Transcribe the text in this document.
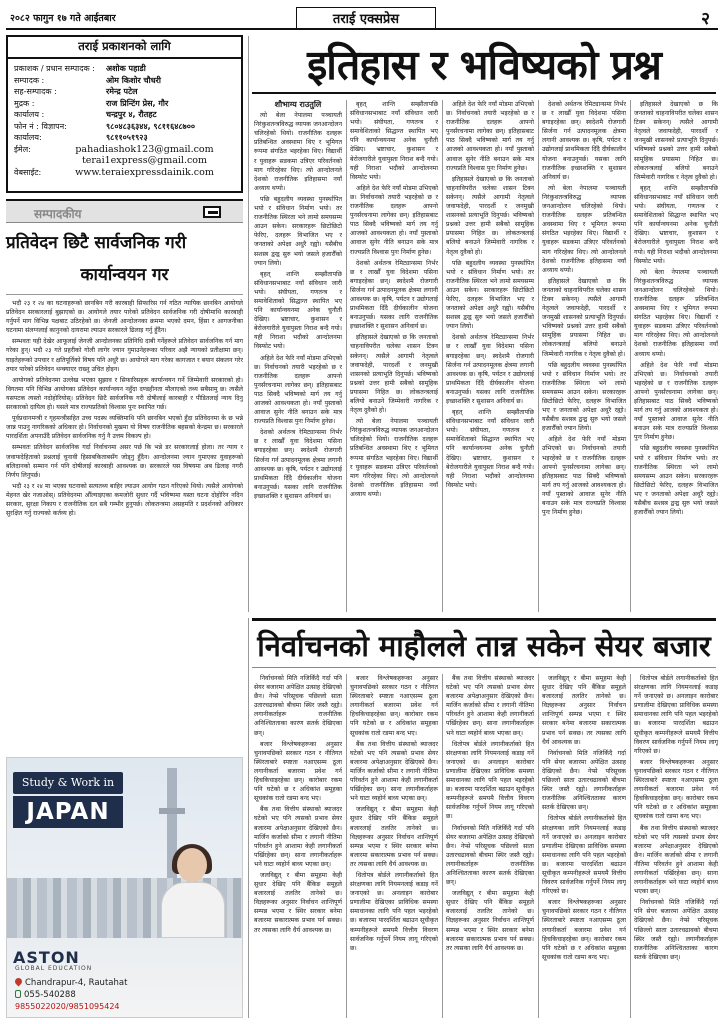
२०८२ फागुन १७ गते आईतबार	तराई एक्सप्रेस	२
तराई प्रकाशनको लागि
प्रकाशक / प्रधान सम्पादक :	अशोक पहाडी
सम्पादक :	ओम किशोर चौधरी
सह-सम्पादक :	रमेन्द्र पटेल
मुद्रक :	राज प्रिन्टिंग प्रेस, गौर
कार्यालय :	चन्द्रपुर ४, रौतहट
फोन नं : विज्ञापन:	९८०४८३६३४४, ९८११६४८७००
कार्यालय:	९८११०५१९२३
ईमेल:	pahadiashok123@gmail.com
terai1express@gmail.com
वेबसाईट:	www.teraiexpressdainik.com
सम्पादकीय
प्रतिवेदन छिटै सार्वजनिक गरी
कार्यान्वयन गर

भदौ २३ र २४ का घटनाहरूको छानबिन गरी कारबाही सिफारिस गर्न गठित न्यायिक छानबिन आयोगले प्रतिवेदन सरकारलाई बुझाएको छ। आयोगले तयार पारेको प्रतिवेदन सार्वजनिक गरी दोषीमाथि कारबाही गर्नुपर्ने माग विभिन्न पक्षबाट उठिरहेको छ। जेनजी आन्दोलनका क्रममा भएको दमन, हिंसा र आगजनीका घटनामा संलग्नलाई कानुनको दायरामा ल्याउन सरकारले ढिलाइ गर्नु हुँदैन।

सम्भवतः यही देखेर आफूलाई जेनजी आन्दोलनका प्रतिनिधि दाबी गर्नेहरूले प्रतिवेदन सार्वजनिक गर्न माग गरेका हुन्। भदौ २३ गते प्रहरीको गोली लागेर ज्यान गुमाउनेहरूका परिवार अझै न्यायको प्रतीक्षामा छन्। घाइतेहरूको उपचार र क्षतिपूर्तिको विषय पनि अधुरै छ। आयोगले माग गरेका कागजात र बयान संकलन गरेर तयार पारेको प्रतिवेदन थन्क्याएर राख्नु उचित होइन।

आयोगको प्रतिवेदनमा उल्लेख भएका सुझाव र सिफारिसहरू कार्यान्वयन गर्ने जिम्मेवारी सरकारको हो। विगतमा पनि विभिन्न आयोगका प्रतिवेदन कार्यान्वयन नहुँदा दण्डहीनता मौलाएको तथ्य सबैसामु छ। त्यसैले यसपटक त्यस्तो नदोहोरियोस्। प्रतिवेदन छिटै सार्वजनिक गरी दोषीलाई कारबाही र पीडितलाई न्याय दिनु सरकारको दायित्व हो। यसले मात्र राज्यप्रतिको विश्वास पुनः स्थापित गर्छ।

पूर्वप्रधानमन्त्री र गृहमन्त्रीसहित उच्च पदस्थ व्यक्तिमाथि पनि छानबिन भएको हुँदा प्रतिवेदनमा के छ भन्ने जान्न पाउनु नागरिकको अधिकार हो। निर्वाचनको मुखमा यो विषय राजनीतिक बहसको केन्द्रमा छ। सरकारले पारदर्शिता अपनाउँदै प्रतिवेदन सार्वजनिक गर्नु नै उत्तम विकल्प हो।

सम्भवतः प्रतिवेदन सार्वजनिक गर्दा निर्वाचनमा असर पर्छ कि भन्ने डर सरकारलाई होला। तर न्याय र जवाफदेहिताको प्रश्नलाई चुनावी हिसाबकिताबसँग जोड्नु हुँदैन। आन्दोलनमा ज्यान गुमाएका युवाहरूको बलिदानको सम्मान गर्न पनि दोषीलाई कारबाही आवश्यक छ। सरकारले यस विषयमा अब ढिलाइ नगरी निर्णय लिनुपर्छ।

भदौ २३ र २४ मा भएका घटनाको सत्यतथ्य बाहिर ल्याउन आयोग गठन गरिएको थियो। त्यसैले आयोगको मेहनत खेर नजाओस्। प्रतिवेदनमा औँल्याइएका कमजोरी सुधार गर्दै भविष्यमा यस्ता घटना दोहोरिन नदिन सरकार, सुरक्षा निकाय र राजनीतिक दल सबै गम्भीर हुनुपर्छ। लोकतन्त्रमा असहमति र प्रदर्शनको अधिकार सुरक्षित गर्नु राज्यको कर्तव्य हो।

Study & Work in
JAPAN
ASTON
GLOBAL EDUCATION
Chandrapur-4, Rautahat
055-540288
9855022020/9851095424
इतिहास र भविष्यको प्रश्न
शौभाग्य राउतुलि

त्यो बेला नेपालमा पञ्चायती निरंकुशतन्त्रविरुद्ध व्यापक जनआन्दोलन चलिरहेको थियो। राजनीतिक दलहरू प्रतिबन्धित अवस्थामा थिए र भूमिगत रूपमा संगठित भइरहेका थिए। विद्यार्थी र युवाहरू सडकमा उत्रिएर परिवर्तनको माग गरिरहेका थिए। त्यो आन्दोलनले देशको राजनीतिक इतिहासमा नयाँ अध्याय थप्यो।

पछि बहुदलीय व्यवस्था पुनर्स्थापित भयो र संविधान निर्माण भयो। तर राजनीतिक स्थिरता भने लामो समयसम्म आउन सकेन। सरकारहरू छिटोछिटो फेरिए, दलहरू विभाजित भए र जनताको अपेक्षा अधुरै रह्यो। यसैबीच सशस्त्र द्वन्द्व सुरु भयो जसले हजारौँको ज्यान लियो।

बृहत् शान्ति सम्झौतापछि संविधानसभाबाट नयाँ संविधान जारी भयो। संघीयता, गणतन्त्र र समावेशिताको सिद्धान्त स्थापित भए पनि कार्यान्वयनमा अनेक चुनौती देखिए। भ्रष्टाचार, कुशासन र बेरोजगारीले युवापुस्ता निराश बन्दै गयो। यही निराशा भदौको आन्दोलनमा विस्फोट भयो।

अहिले देश फेरि नयाँ मोडमा उभिएको छ। निर्वाचनको तयारी भइरहेको छ र राजनीतिक दलहरू आफ्नो पुनर्संरचनामा लागेका छन्। इतिहासबाट पाठ सिक्दै भविष्यको मार्ग तय गर्नु आजको आवश्यकता हो। नयाँ पुस्ताको आवाज सुनेर नीति बनाउन सके मात्र राज्यप्रति विश्वास पुनः निर्माण हुनेछ।

देशको अर्थतन्त्र रेमिट्यान्समा निर्भर छ र लाखौँ युवा विदेशमा पसिना बगाइरहेका छन्। स्वदेशमै रोजगारी सिर्जना गर्न उत्पादनमूलक क्षेत्रमा लगानी आवश्यक छ। कृषि, पर्यटन र उद्योगलाई प्राथमिकता दिँदै दीर्घकालीन योजना बनाउनुपर्छ। यसका लागि राजनीतिक इच्छाशक्ति र सुशासन अनिवार्य छ।

बृहत् शान्ति सम्झौतापछि संविधानसभाबाट नयाँ संविधान जारी भयो। संघीयता, गणतन्त्र र समावेशिताको सिद्धान्त स्थापित भए पनि कार्यान्वयनमा अनेक चुनौती देखिए। भ्रष्टाचार, कुशासन र बेरोजगारीले युवापुस्ता निराश बन्दै गयो। यही निराशा भदौको आन्दोलनमा विस्फोट भयो।

अहिले देश फेरि नयाँ मोडमा उभिएको छ। निर्वाचनको तयारी भइरहेको छ र राजनीतिक दलहरू आफ्नो पुनर्संरचनामा लागेका छन्। इतिहासबाट पाठ सिक्दै भविष्यको मार्ग तय गर्नु आजको आवश्यकता हो। नयाँ पुस्ताको आवाज सुनेर नीति बनाउन सके मात्र राज्यप्रति विश्वास पुनः निर्माण हुनेछ।

देशको अर्थतन्त्र रेमिट्यान्समा निर्भर छ र लाखौँ युवा विदेशमा पसिना बगाइरहेका छन्। स्वदेशमै रोजगारी सिर्जना गर्न उत्पादनमूलक क्षेत्रमा लगानी आवश्यक छ। कृषि, पर्यटन र उद्योगलाई प्राथमिकता दिँदै दीर्घकालीन योजना बनाउनुपर्छ। यसका लागि राजनीतिक इच्छाशक्ति र सुशासन अनिवार्य छ।

इतिहासले देखाएको छ कि जनताको चाहनाविपरीत चलेका शासन टिक्न सकेनन्। त्यसैले आगामी नेतृत्वले जवाफदेही, पारदर्शी र जनमुखी शासनको प्रत्याभूति दिनुपर्छ। भविष्यको प्रश्नको उत्तर हामी सबैको सामूहिक प्रयासमा निहित छ। लोकतन्त्रलाई बलियो बनाउने जिम्मेवारी नागरिक र नेतृत्व दुवैको हो।

त्यो बेला नेपालमा पञ्चायती निरंकुशतन्त्रविरुद्ध व्यापक जनआन्दोलन चलिरहेको थियो। राजनीतिक दलहरू प्रतिबन्धित अवस्थामा थिए र भूमिगत रूपमा संगठित भइरहेका थिए। विद्यार्थी र युवाहरू सडकमा उत्रिएर परिवर्तनको माग गरिरहेका थिए। त्यो आन्दोलनले देशको राजनीतिक इतिहासमा नयाँ अध्याय थप्यो।

अहिले देश फेरि नयाँ मोडमा उभिएको छ। निर्वाचनको तयारी भइरहेको छ र राजनीतिक दलहरू आफ्नो पुनर्संरचनामा लागेका छन्। इतिहासबाट पाठ सिक्दै भविष्यको मार्ग तय गर्नु आजको आवश्यकता हो। नयाँ पुस्ताको आवाज सुनेर नीति बनाउन सके मात्र राज्यप्रति विश्वास पुनः निर्माण हुनेछ।

इतिहासले देखाएको छ कि जनताको चाहनाविपरीत चलेका शासन टिक्न सकेनन्। त्यसैले आगामी नेतृत्वले जवाफदेही, पारदर्शी र जनमुखी शासनको प्रत्याभूति दिनुपर्छ। भविष्यको प्रश्नको उत्तर हामी सबैको सामूहिक प्रयासमा निहित छ। लोकतन्त्रलाई बलियो बनाउने जिम्मेवारी नागरिक र नेतृत्व दुवैको हो।

पछि बहुदलीय व्यवस्था पुनर्स्थापित भयो र संविधान निर्माण भयो। तर राजनीतिक स्थिरता भने लामो समयसम्म आउन सकेन। सरकारहरू छिटोछिटो फेरिए, दलहरू विभाजित भए र जनताको अपेक्षा अधुरै रह्यो। यसैबीच सशस्त्र द्वन्द्व सुरु भयो जसले हजारौँको ज्यान लियो।

देशको अर्थतन्त्र रेमिट्यान्समा निर्भर छ र लाखौँ युवा विदेशमा पसिना बगाइरहेका छन्। स्वदेशमै रोजगारी सिर्जना गर्न उत्पादनमूलक क्षेत्रमा लगानी आवश्यक छ। कृषि, पर्यटन र उद्योगलाई प्राथमिकता दिँदै दीर्घकालीन योजना बनाउनुपर्छ। यसका लागि राजनीतिक इच्छाशक्ति र सुशासन अनिवार्य छ।

बृहत् शान्ति सम्झौतापछि संविधानसभाबाट नयाँ संविधान जारी भयो। संघीयता, गणतन्त्र र समावेशिताको सिद्धान्त स्थापित भए पनि कार्यान्वयनमा अनेक चुनौती देखिए। भ्रष्टाचार, कुशासन र बेरोजगारीले युवापुस्ता निराश बन्दै गयो। यही निराशा भदौको आन्दोलनमा विस्फोट भयो।

देशको अर्थतन्त्र रेमिट्यान्समा निर्भर छ र लाखौँ युवा विदेशमा पसिना बगाइरहेका छन्। स्वदेशमै रोजगारी सिर्जना गर्न उत्पादनमूलक क्षेत्रमा लगानी आवश्यक छ। कृषि, पर्यटन र उद्योगलाई प्राथमिकता दिँदै दीर्घकालीन योजना बनाउनुपर्छ। यसका लागि राजनीतिक इच्छाशक्ति र सुशासन अनिवार्य छ।

त्यो बेला नेपालमा पञ्चायती निरंकुशतन्त्रविरुद्ध व्यापक जनआन्दोलन चलिरहेको थियो। राजनीतिक दलहरू प्रतिबन्धित अवस्थामा थिए र भूमिगत रूपमा संगठित भइरहेका थिए। विद्यार्थी र युवाहरू सडकमा उत्रिएर परिवर्तनको माग गरिरहेका थिए। त्यो आन्दोलनले देशको राजनीतिक इतिहासमा नयाँ अध्याय थप्यो।

इतिहासले देखाएको छ कि जनताको चाहनाविपरीत चलेका शासन टिक्न सकेनन्। त्यसैले आगामी नेतृत्वले जवाफदेही, पारदर्शी र जनमुखी शासनको प्रत्याभूति दिनुपर्छ। भविष्यको प्रश्नको उत्तर हामी सबैको सामूहिक प्रयासमा निहित छ। लोकतन्त्रलाई बलियो बनाउने जिम्मेवारी नागरिक र नेतृत्व दुवैको हो।

पछि बहुदलीय व्यवस्था पुनर्स्थापित भयो र संविधान निर्माण भयो। तर राजनीतिक स्थिरता भने लामो समयसम्म आउन सकेन। सरकारहरू छिटोछिटो फेरिए, दलहरू विभाजित भए र जनताको अपेक्षा अधुरै रह्यो। यसैबीच सशस्त्र द्वन्द्व सुरु भयो जसले हजारौँको ज्यान लियो।

अहिले देश फेरि नयाँ मोडमा उभिएको छ। निर्वाचनको तयारी भइरहेको छ र राजनीतिक दलहरू आफ्नो पुनर्संरचनामा लागेका छन्। इतिहासबाट पाठ सिक्दै भविष्यको मार्ग तय गर्नु आजको आवश्यकता हो। नयाँ पुस्ताको आवाज सुनेर नीति बनाउन सके मात्र राज्यप्रति विश्वास पुनः निर्माण हुनेछ।

इतिहासले देखाएको छ कि जनताको चाहनाविपरीत चलेका शासन टिक्न सकेनन्। त्यसैले आगामी नेतृत्वले जवाफदेही, पारदर्शी र जनमुखी शासनको प्रत्याभूति दिनुपर्छ। भविष्यको प्रश्नको उत्तर हामी सबैको सामूहिक प्रयासमा निहित छ। लोकतन्त्रलाई बलियो बनाउने जिम्मेवारी नागरिक र नेतृत्व दुवैको हो।

बृहत् शान्ति सम्झौतापछि संविधानसभाबाट नयाँ संविधान जारी भयो। संघीयता, गणतन्त्र र समावेशिताको सिद्धान्त स्थापित भए पनि कार्यान्वयनमा अनेक चुनौती देखिए। भ्रष्टाचार, कुशासन र बेरोजगारीले युवापुस्ता निराश बन्दै गयो। यही निराशा भदौको आन्दोलनमा विस्फोट भयो।

त्यो बेला नेपालमा पञ्चायती निरंकुशतन्त्रविरुद्ध व्यापक जनआन्दोलन चलिरहेको थियो। राजनीतिक दलहरू प्रतिबन्धित अवस्थामा थिए र भूमिगत रूपमा संगठित भइरहेका थिए। विद्यार्थी र युवाहरू सडकमा उत्रिएर परिवर्तनको माग गरिरहेका थिए। त्यो आन्दोलनले देशको राजनीतिक इतिहासमा नयाँ अध्याय थप्यो।

अहिले देश फेरि नयाँ मोडमा उभिएको छ। निर्वाचनको तयारी भइरहेको छ र राजनीतिक दलहरू आफ्नो पुनर्संरचनामा लागेका छन्। इतिहासबाट पाठ सिक्दै भविष्यको मार्ग तय गर्नु आजको आवश्यकता हो। नयाँ पुस्ताको आवाज सुनेर नीति बनाउन सके मात्र राज्यप्रति विश्वास पुनः निर्माण हुनेछ।

पछि बहुदलीय व्यवस्था पुनर्स्थापित भयो र संविधान निर्माण भयो। तर राजनीतिक स्थिरता भने लामो समयसम्म आउन सकेन। सरकारहरू छिटोछिटो फेरिए, दलहरू विभाजित भए र जनताको अपेक्षा अधुरै रह्यो। यसैबीच सशस्त्र द्वन्द्व सुरु भयो जसले हजारौँको ज्यान लियो।

निर्वाचनको माहौलले तान्न सकेन सेयर बजार

निर्वाचनको मिति नजिकिँदै गर्दा पनि सेयर बजारमा अपेक्षित उत्साह देखिएको छैन। नेप्से परिसूचक पछिल्लो साता उतारचढावको बीचमा स्थिर जस्तै रह्यो। लगानीकर्ताहरू राजनीतिक अनिश्चितताका कारण सतर्क देखिएका छन्।

बजार विश्लेषकहरूका अनुसार चुनावपछिको सरकार गठन र नीतिगत स्थिरताबारे स्पष्टता नआएसम्म ठूला लगानीकर्ता बजारमा प्रवेश गर्न हिचकिचाइरहेका छन्। कारोबार रकम पनि घटेको छ र अधिकांश समूहका सूचकांक रातो रङमा बन्द भए।

बैंक तथा वित्तीय संस्थाको ब्याजदर घटेको भए पनि त्यसको प्रभाव सेयर बजारमा अपेक्षाअनुसार देखिएको छैन। मार्जिन कर्जाको सीमा र लगानी नीतिमा परिवर्तन हुने आशामा केही लगानीकर्ता पर्खिरहेका छन्। साना लगानीकर्ताहरू भने घाटा व्यहोर्न बाध्य भएका छन्।

जलविद्युत् र बीमा समूहमा केही सुधार देखिए पनि बैंकिङ समूहले बजारलाई तलतिर तानेको छ। विज्ञहरूका अनुसार निर्वाचन शान्तिपूर्ण सम्पन्न भएमा र स्थिर सरकार बनेमा बजारमा सकारात्मक प्रभाव पर्न सक्छ। तर त्यसका लागि धैर्य आवश्यक छ।

बजार विश्लेषकहरूका अनुसार चुनावपछिको सरकार गठन र नीतिगत स्थिरताबारे स्पष्टता नआएसम्म ठूला लगानीकर्ता बजारमा प्रवेश गर्न हिचकिचाइरहेका छन्। कारोबार रकम पनि घटेको छ र अधिकांश समूहका सूचकांक रातो रङमा बन्द भए।

बैंक तथा वित्तीय संस्थाको ब्याजदर घटेको भए पनि त्यसको प्रभाव सेयर बजारमा अपेक्षाअनुसार देखिएको छैन। मार्जिन कर्जाको सीमा र लगानी नीतिमा परिवर्तन हुने आशामा केही लगानीकर्ता पर्खिरहेका छन्। साना लगानीकर्ताहरू भने घाटा व्यहोर्न बाध्य भएका छन्।

जलविद्युत् र बीमा समूहमा केही सुधार देखिए पनि बैंकिङ समूहले बजारलाई तलतिर तानेको छ। विज्ञहरूका अनुसार निर्वाचन शान्तिपूर्ण सम्पन्न भएमा र स्थिर सरकार बनेमा बजारमा सकारात्मक प्रभाव पर्न सक्छ। तर त्यसका लागि धैर्य आवश्यक छ।

धितोपत्र बोर्डले लगानीकर्ताको हित संरक्षणका लागि नियमनलाई कडाइ गर्ने जनाएको छ। अनलाइन कारोबार प्रणालीमा देखिएका प्राविधिक समस्या समाधानका लागि पनि पहल भइरहेको छ। बजारमा पारदर्शिता बढाउन सूचीकृत कम्पनीहरूले समयमै वित्तीय विवरण सार्वजनिक गर्नुपर्ने नियम लागू गरिएको छ।

बैंक तथा वित्तीय संस्थाको ब्याजदर घटेको भए पनि त्यसको प्रभाव सेयर बजारमा अपेक्षाअनुसार देखिएको छैन। मार्जिन कर्जाको सीमा र लगानी नीतिमा परिवर्तन हुने आशामा केही लगानीकर्ता पर्खिरहेका छन्। साना लगानीकर्ताहरू भने घाटा व्यहोर्न बाध्य भएका छन्।

धितोपत्र बोर्डले लगानीकर्ताको हित संरक्षणका लागि नियमनलाई कडाइ गर्ने जनाएको छ। अनलाइन कारोबार प्रणालीमा देखिएका प्राविधिक समस्या समाधानका लागि पनि पहल भइरहेको छ। बजारमा पारदर्शिता बढाउन सूचीकृत कम्पनीहरूले समयमै वित्तीय विवरण सार्वजनिक गर्नुपर्ने नियम लागू गरिएको छ।

निर्वाचनको मिति नजिकिँदै गर्दा पनि सेयर बजारमा अपेक्षित उत्साह देखिएको छैन। नेप्से परिसूचक पछिल्लो साता उतारचढावको बीचमा स्थिर जस्तै रह्यो। लगानीकर्ताहरू राजनीतिक अनिश्चितताका कारण सतर्क देखिएका छन्।

जलविद्युत् र बीमा समूहमा केही सुधार देखिए पनि बैंकिङ समूहले बजारलाई तलतिर तानेको छ। विज्ञहरूका अनुसार निर्वाचन शान्तिपूर्ण सम्पन्न भएमा र स्थिर सरकार बनेमा बजारमा सकारात्मक प्रभाव पर्न सक्छ। तर त्यसका लागि धैर्य आवश्यक छ।

जलविद्युत् र बीमा समूहमा केही सुधार देखिए पनि बैंकिङ समूहले बजारलाई तलतिर तानेको छ। विज्ञहरूका अनुसार निर्वाचन शान्तिपूर्ण सम्पन्न भएमा र स्थिर सरकार बनेमा बजारमा सकारात्मक प्रभाव पर्न सक्छ। तर त्यसका लागि धैर्य आवश्यक छ।

निर्वाचनको मिति नजिकिँदै गर्दा पनि सेयर बजारमा अपेक्षित उत्साह देखिएको छैन। नेप्से परिसूचक पछिल्लो साता उतारचढावको बीचमा स्थिर जस्तै रह्यो। लगानीकर्ताहरू राजनीतिक अनिश्चितताका कारण सतर्क देखिएका छन्।

धितोपत्र बोर्डले लगानीकर्ताको हित संरक्षणका लागि नियमनलाई कडाइ गर्ने जनाएको छ। अनलाइन कारोबार प्रणालीमा देखिएका प्राविधिक समस्या समाधानका लागि पनि पहल भइरहेको छ। बजारमा पारदर्शिता बढाउन सूचीकृत कम्पनीहरूले समयमै वित्तीय विवरण सार्वजनिक गर्नुपर्ने नियम लागू गरिएको छ।

बजार विश्लेषकहरूका अनुसार चुनावपछिको सरकार गठन र नीतिगत स्थिरताबारे स्पष्टता नआएसम्म ठूला लगानीकर्ता बजारमा प्रवेश गर्न हिचकिचाइरहेका छन्। कारोबार रकम पनि घटेको छ र अधिकांश समूहका सूचकांक रातो रङमा बन्द भए।

धितोपत्र बोर्डले लगानीकर्ताको हित संरक्षणका लागि नियमनलाई कडाइ गर्ने जनाएको छ। अनलाइन कारोबार प्रणालीमा देखिएका प्राविधिक समस्या समाधानका लागि पनि पहल भइरहेको छ। बजारमा पारदर्शिता बढाउन सूचीकृत कम्पनीहरूले समयमै वित्तीय विवरण सार्वजनिक गर्नुपर्ने नियम लागू गरिएको छ।

बजार विश्लेषकहरूका अनुसार चुनावपछिको सरकार गठन र नीतिगत स्थिरताबारे स्पष्टता नआएसम्म ठूला लगानीकर्ता बजारमा प्रवेश गर्न हिचकिचाइरहेका छन्। कारोबार रकम पनि घटेको छ र अधिकांश समूहका सूचकांक रातो रङमा बन्द भए।

बैंक तथा वित्तीय संस्थाको ब्याजदर घटेको भए पनि त्यसको प्रभाव सेयर बजारमा अपेक्षाअनुसार देखिएको छैन। मार्जिन कर्जाको सीमा र लगानी नीतिमा परिवर्तन हुने आशामा केही लगानीकर्ता पर्खिरहेका छन्। साना लगानीकर्ताहरू भने घाटा व्यहोर्न बाध्य भएका छन्।

निर्वाचनको मिति नजिकिँदै गर्दा पनि सेयर बजारमा अपेक्षित उत्साह देखिएको छैन। नेप्से परिसूचक पछिल्लो साता उतारचढावको बीचमा स्थिर जस्तै रह्यो। लगानीकर्ताहरू राजनीतिक अनिश्चितताका कारण सतर्क देखिएका छन्।
